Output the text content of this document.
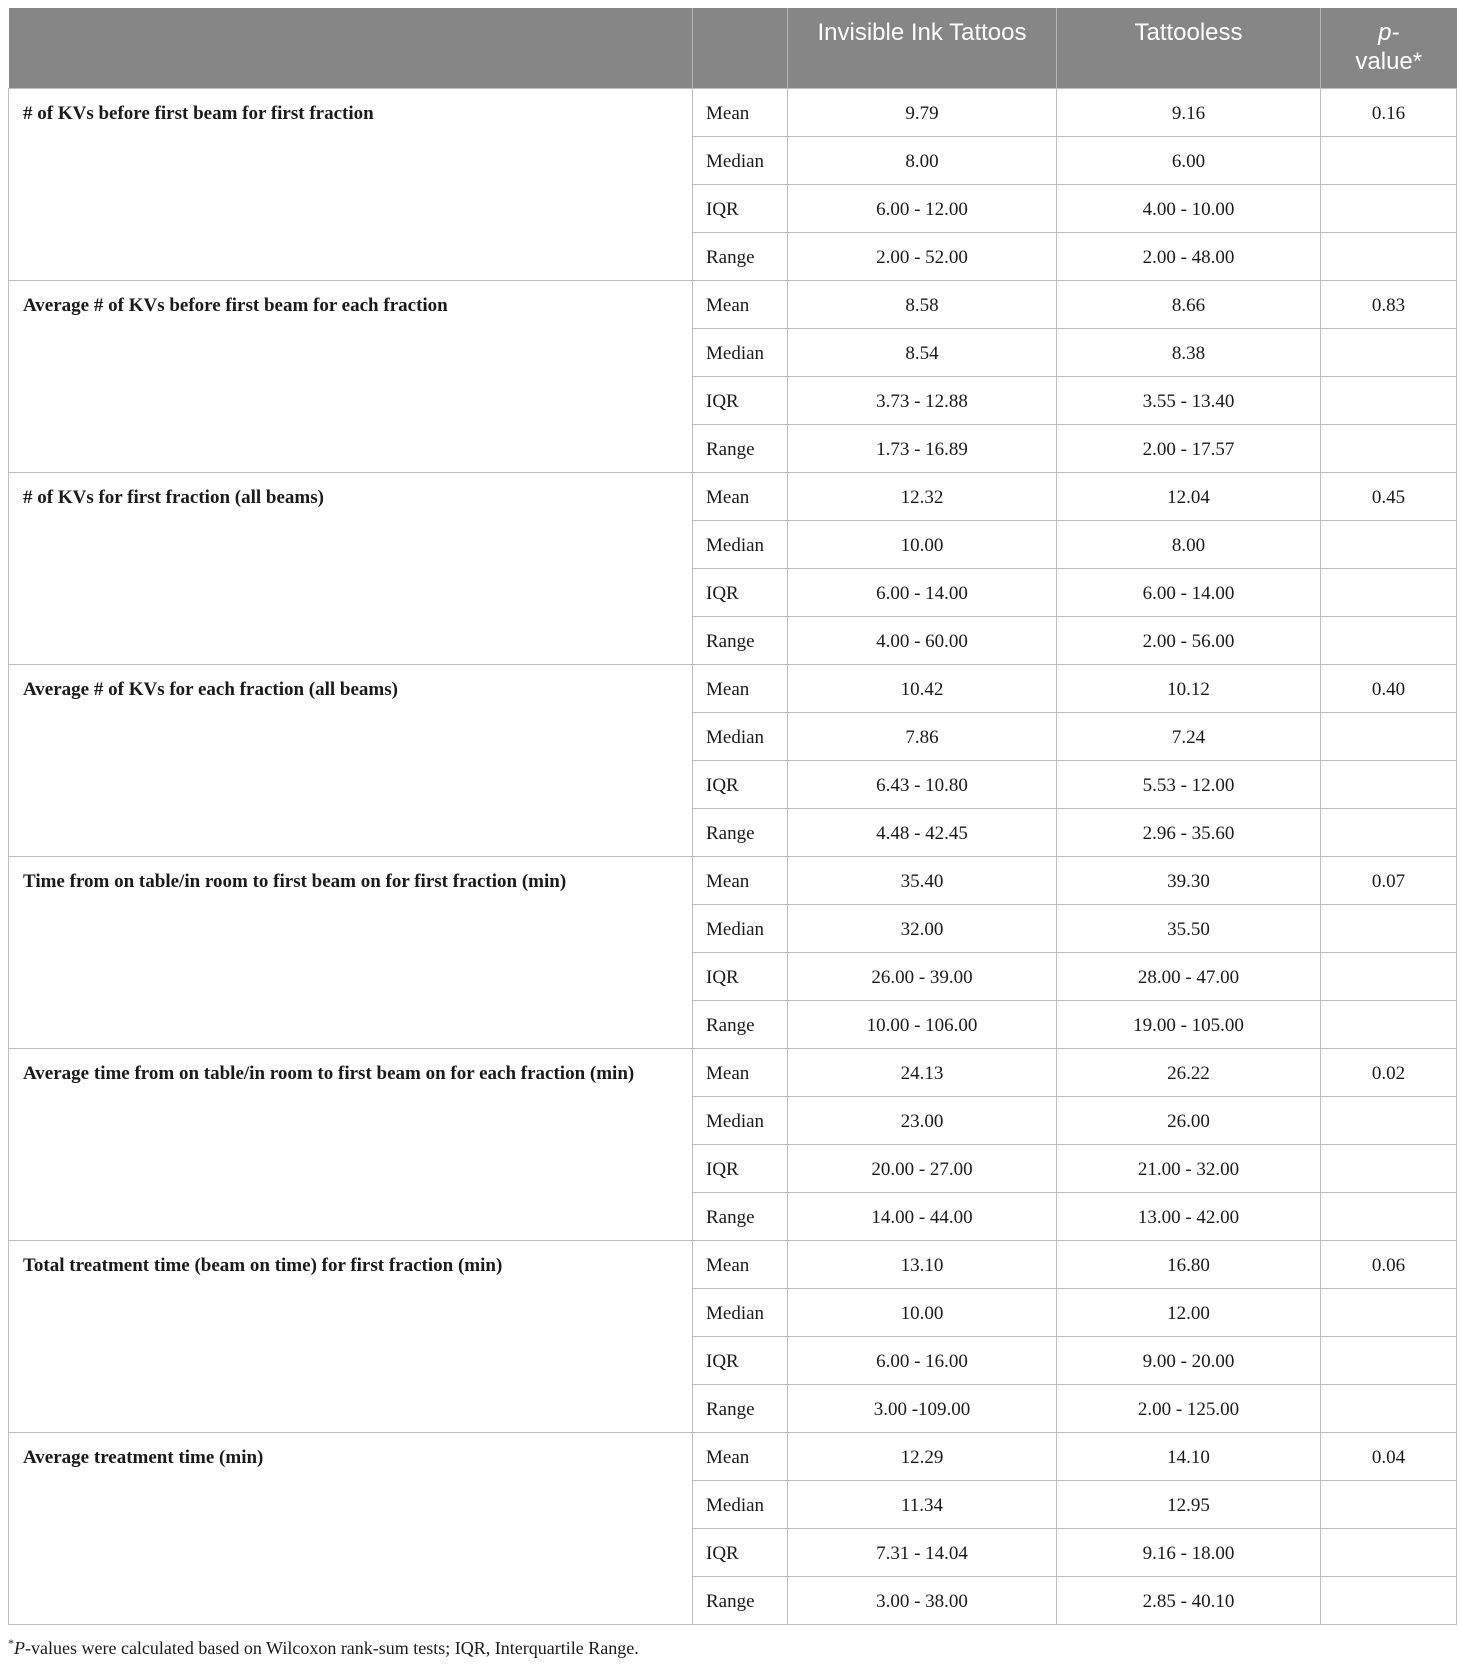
		Invisible Ink Tattoos	Tattooless	p-
value*
# of KVs before first beam for first fraction	Mean	9.79	9.16	0.16
	Median	8.00	6.00	
	IQR	6.00 - 12.00	4.00 - 10.00	
	Range	2.00 - 52.00	2.00 - 48.00	
Average # of KVs before first beam for each fraction	Mean	8.58	8.66	0.83
	Median	8.54	8.38	
	IQR	3.73 - 12.88	3.55 - 13.40	
	Range	1.73 - 16.89	2.00 - 17.57	
# of KVs for first fraction (all beams)	Mean	12.32	12.04	0.45
	Median	10.00	8.00	
	IQR	6.00 - 14.00	6.00 - 14.00	
	Range	4.00 - 60.00	2.00 - 56.00	
Average # of KVs for each fraction (all beams)	Mean	10.42	10.12	0.40
	Median	7.86	7.24	
	IQR	6.43 - 10.80	5.53 - 12.00	
	Range	4.48 - 42.45	2.96 - 35.60	
Time from on table/in room to first beam on for first fraction (min)	Mean	35.40	39.30	0.07
	Median	32.00	35.50	
	IQR	26.00 - 39.00	28.00 - 47.00	
	Range	10.00 - 106.00	19.00 - 105.00	
Average time from on table/in room to first beam on for each fraction (min)	Mean	24.13	26.22	0.02
	Median	23.00	26.00	
	IQR	20.00 - 27.00	21.00 - 32.00	
	Range	14.00 - 44.00	13.00 - 42.00	
Total treatment time (beam on time) for first fraction (min)	Mean	13.10	16.80	0.06
	Median	10.00	12.00	
	IQR	6.00 - 16.00	9.00 - 20.00	
	Range	3.00 -109.00	2.00 - 125.00	
Average treatment time (min)	Mean	12.29	14.10	0.04
	Median	11.34	12.95	
	IQR	7.31 - 14.04	9.16 - 18.00	
	Range	3.00 - 38.00	2.85 - 40.10	
*P-values were calculated based on Wilcoxon rank-sum tests; IQR, Interquartile Range.
